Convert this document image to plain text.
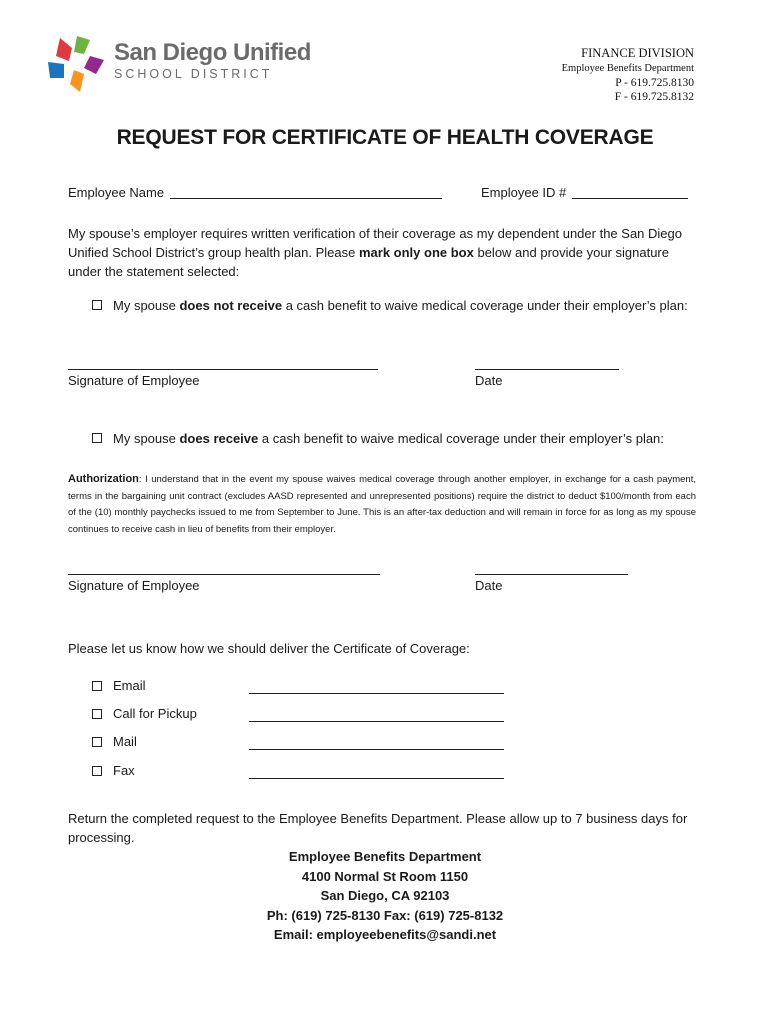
San Diego Unified
SCHOOL DISTRICT
FINANCE DIVISION
Employee Benefits Department
P - 619.725.8130
F - 619.725.8132
REQUEST FOR CERTIFICATE OF HEALTH COVERAGE
Employee Name	Employee ID #
My spouse’s employer requires written verification of their coverage as my dependent under the San Diego Unified School District’s group health plan. Please mark only one box below and provide your signature under the statement selected:
My spouse does not receive a cash benefit to waive medical coverage under their employer’s plan:
Signature of Employee	Date
My spouse does receive a cash benefit to waive medical coverage under their employer’s plan:
Authorization: I understand that in the event my spouse waives medical coverage through another employer, in exchange for a cash payment, terms in the bargaining unit contract (excludes AASD represented and unrepresented positions) require the district to deduct $100/month from each of the (10) monthly paychecks issued to me from September to June. This is an after-tax deduction and will remain in force for as long as my spouse continues to receive cash in lieu of benefits from their employer.
Signature of Employee	Date
Please let us know how we should deliver the Certificate of Coverage:
Email
Call for Pickup
Mail
Fax
Return the completed request to the Employee Benefits Department. Please allow up to 7 business days for processing.
Employee Benefits Department
4100 Normal St Room 1150
San Diego, CA 92103
Ph: (619) 725-8130 Fax: (619) 725-8132
Email: employeebenefits@sandi.net
